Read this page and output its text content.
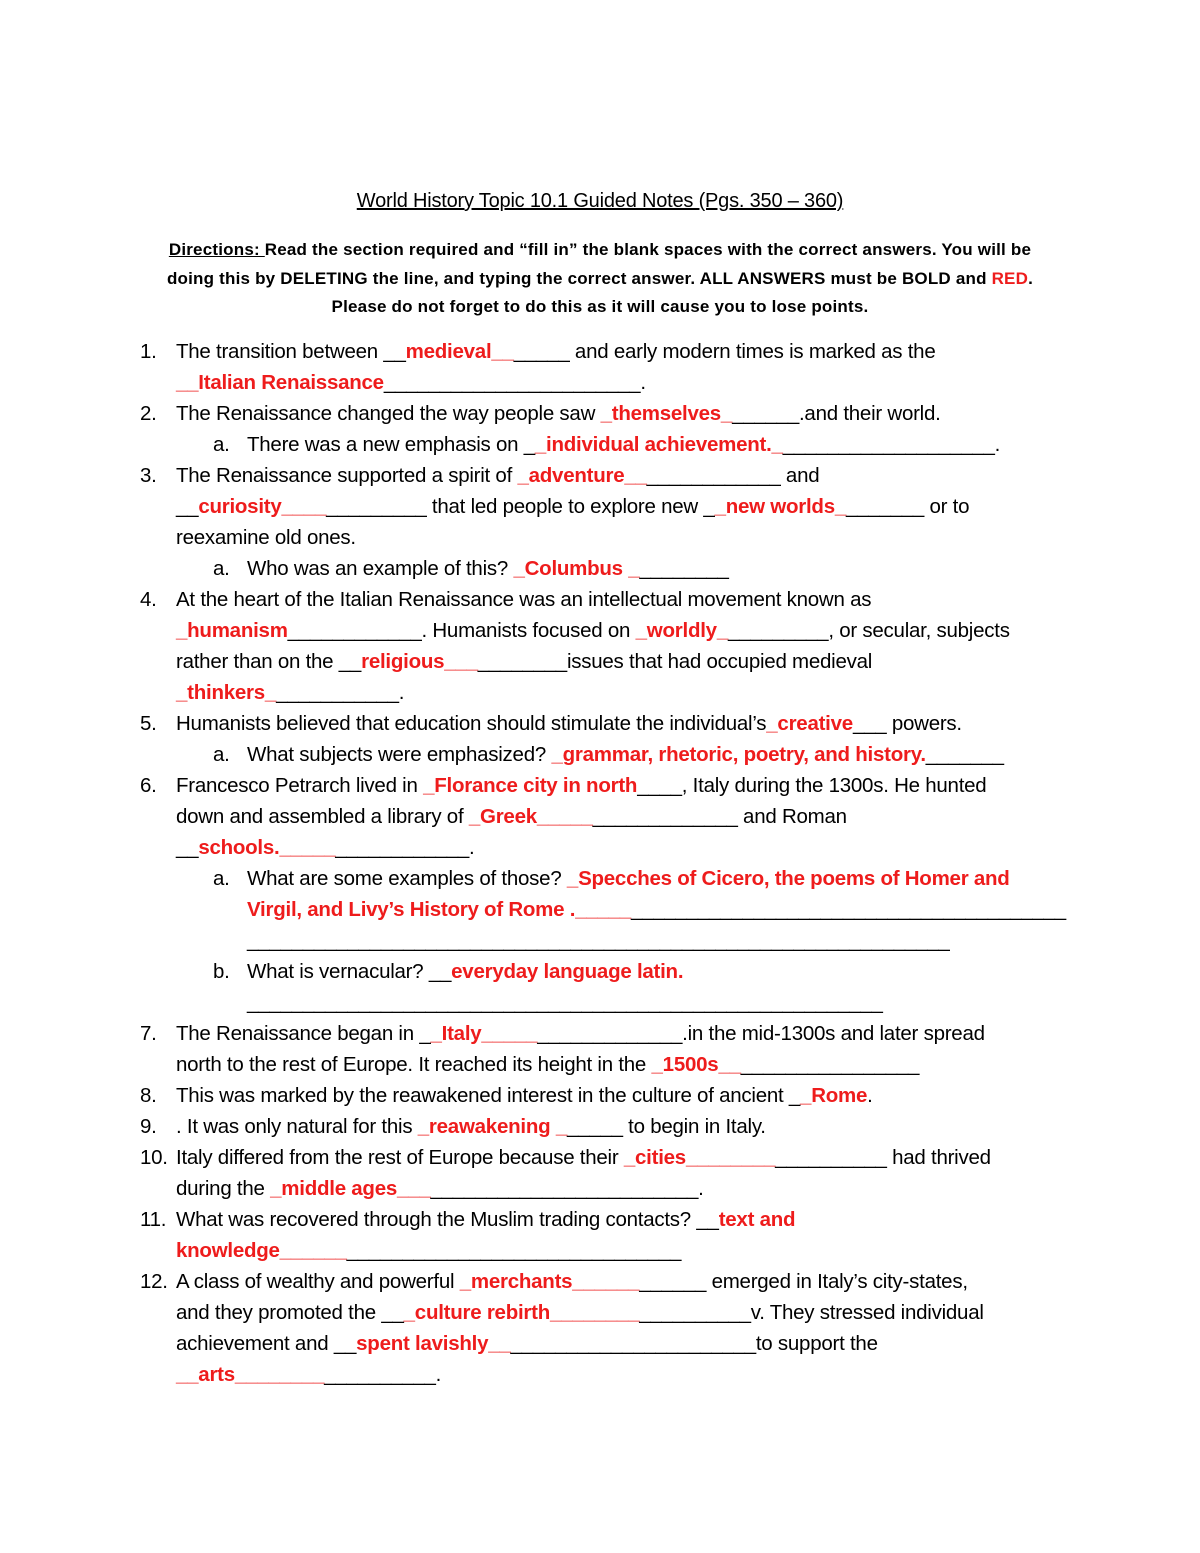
World History Topic 10.1 Guided Notes (Pgs. 350 – 360)
Directions: Read the section required and “fill in” the blank spaces with the correct answers. You will be doing this by DELETING the line, and typing the correct answer. ALL ANSWERS must be BOLD and RED. Please do not forget to do this as it will cause you to lose points.
1. The transition between __medieval_______ and early modern times is marked as the
__Italian Renaissance_______________________.
2. The Renaissance changed the way people saw _themselves_______.and their world.
a. There was a new emphasis on __individual achievement.____________________.
3. The Renaissance supported a spirit of _adventure______________ and
__curiosity_____________ that led people to explore new __new worlds________ or to
reexamine old ones.
a. Who was an example of this? _Columbus _________
4. At the heart of the Italian Renaissance was an intellectual movement known as
_humanism____________. Humanists focused on _worldly__________, or secular, subjects
rather than on the __religious___________issues that had occupied medieval
_thinkers____________.
5. Humanists believed that education should stimulate the individual’s_creative___ powers.
a. What subjects were emphasized? _grammar, rhetoric, poetry, and history._______
6. Francesco Petrarch lived in _Florance city in north____, Italy during the 1300s. He hunted
down and assembled a library of _Greek__________________ and Roman
__schools._________________.
a. What are some examples of those? _Specches of Cicero, the poems of Homer and
Virgil, and Livy’s History of Rome .____________________________________________
_______________________________________________________________
b. What is vernacular? __everyday language latin.
_________________________________________________________
7. The Renaissance began in __Italy__________________.in the mid-1300s and later spread
north to the rest of Europe. It reached its height in the _1500s__________________
8. This was marked by the reawakened interest in the culture of ancient __Rome.
9. . It was only natural for this _reawakening ______ to begin in Italy.
10. Italy differed from the rest of Europe because their _cities__________________ had thrived
during the _middle ages___________________________.
11. What was recovered through the Muslim trading contacts? __text and
knowledge____________________________________
12. A class of wealthy and powerful _merchants____________ emerged in Italy’s city-states,
and they promoted the ___culture rebirth__________________v. They stressed individual
achievement and __spent lavishly________________________to support the
__arts__________________.
